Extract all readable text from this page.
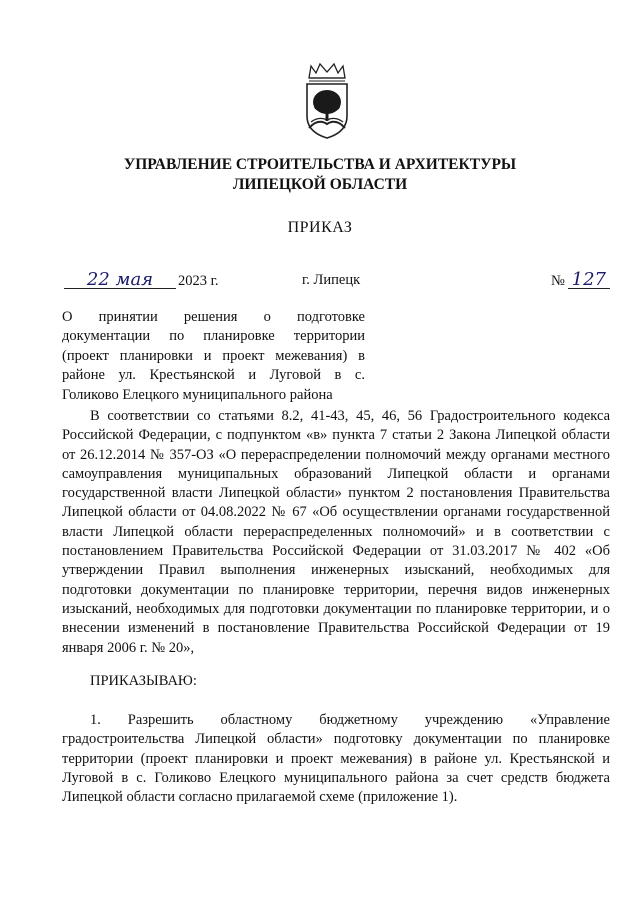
УПРАВЛЕНИЕ СТРОИТЕЛЬСТВА И АРХИТЕКТУРЫ
ЛИПЕЦКОЙ ОБЛАСТИ
ПРИКАЗ
22 мая 2023 г.	г. Липецк	№ 127
О принятии решения о подготовке документации по планировке территории (проект планировки и проект межевания) в районе ул. Крестьянской и Луговой в с. Голиково Елецкого муниципального района
В соответствии со статьями 8.2, 41-43, 45, 46, 56 Градостроительного кодекса Российской Федерации, с подпунктом «в» пункта 7 статьи 2 Закона Липецкой области от 26.12.2014 № 357-ОЗ «О перераспределении полномочий между органами местного самоуправления муниципальных образований Липецкой области и органами государственной власти Липецкой области» пунктом 2 постановления Правительства Липецкой области от 04.08.2022 № 67 «Об осуществлении органами государственной власти Липецкой области перераспределенных полномочий» и в соответствии с постановлением Правительства Российской Федерации от 31.03.2017 № 402 «Об утверждении Правил выполнения инженерных изысканий, необходимых для подготовки документации по планировке территории, перечня видов инженерных изысканий, необходимых для подготовки документации по планировке территории, и о внесении изменений в постановление Правительства Российской Федерации от 19 января 2006 г. № 20»,
ПРИКАЗЫВАЮ:
1. Разрешить областному бюджетному учреждению «Управление градостроительства Липецкой области» подготовку документации по планировке территории (проект планировки и проект межевания) в районе ул. Крестьянской и Луговой в с. Голиково Елецкого муниципального района за счет средств бюджета Липецкой области согласно прилагаемой схеме (приложение 1).
